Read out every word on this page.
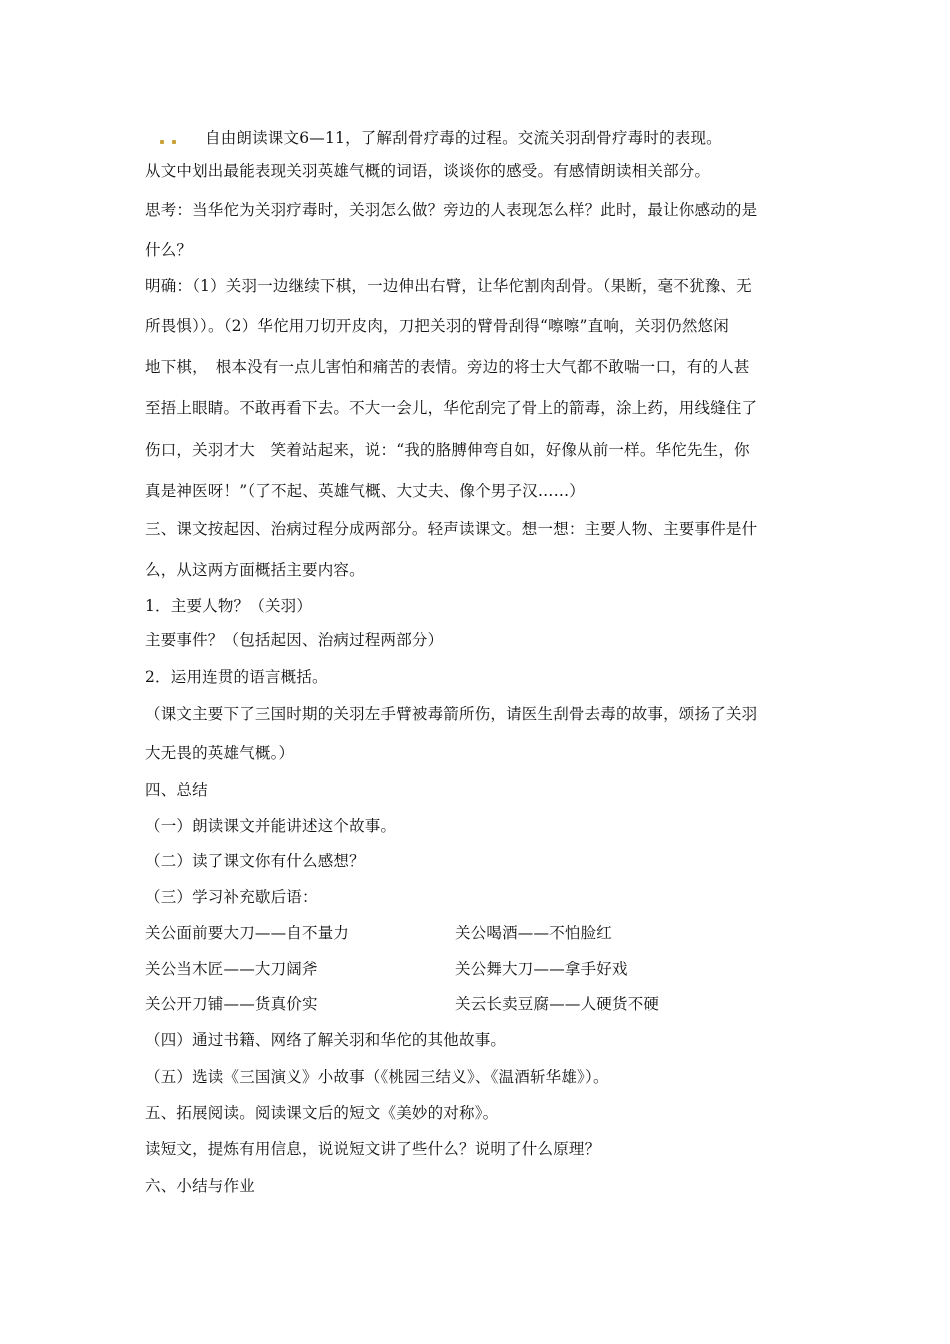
自由朗读课文6—11，了解刮骨疗毒的过程。交流关羽刮骨疗毒时的表现。
从文中划出最能表现关羽英雄气概的词语，谈谈你的感受。有感情朗读相关部分。
思考：当华佗为关羽疗毒时，关羽怎么做？旁边的人表现怎么样？此时，最让你感动的是
什么？
明确：（1）关羽一边继续下棋，一边伸出右臂，让华佗割肉刮骨。（果断，毫不犹豫、无
所畏惧））。（2）华佗用刀切开皮肉，刀把关羽的臂骨刮得“嚓嚓”直响，关羽仍然悠闲
地下棋，　根本没有一点儿害怕和痛苦的表情。旁边的将士大气都不敢喘一口，有的人甚
至捂上眼睛。不敢再看下去。不大一会儿，华佗刮完了骨上的箭毒，涂上药，用线缝住了
伤口，关羽才大　笑着站起来，说：“我的胳膊伸弯自如，好像从前一样。华佗先生，你
真是神医呀！”（了不起、英雄气概、大丈夫、像个男子汉……）
三、课文按起因、治病过程分成两部分。轻声读课文。想一想：主要人物、主要事件是什
么，从这两方面概括主要内容。
1．主要人物？（关羽）
主要事件？（包括起因、治病过程两部分）
2．运用连贯的语言概括。
（课文主要下了三国时期的关羽左手臂被毒箭所伤，请医生刮骨去毒的故事，颂扬了关羽
大无畏的英雄气概。）
四、总结
（一）朗读课文并能讲述这个故事。
（二）读了课文你有什么感想？
（三）学习补充歇后语：
关公面前要大刀——自不量力	关公喝酒——不怕脸红
关公当木匠——大刀阔斧	关公舞大刀——拿手好戏
关公开刀铺——货真价实	关云长卖豆腐——人硬货不硬
（四）通过书籍、网络了解关羽和华佗的其他故事。
（五）选读《三国演义》小故事（《桃园三结义》、《温酒斩华雄》）。
五、拓展阅读。阅读课文后的短文《美妙的对称》。
读短文，提炼有用信息，说说短文讲了些什么？说明了什么原理？
六、小结与作业
